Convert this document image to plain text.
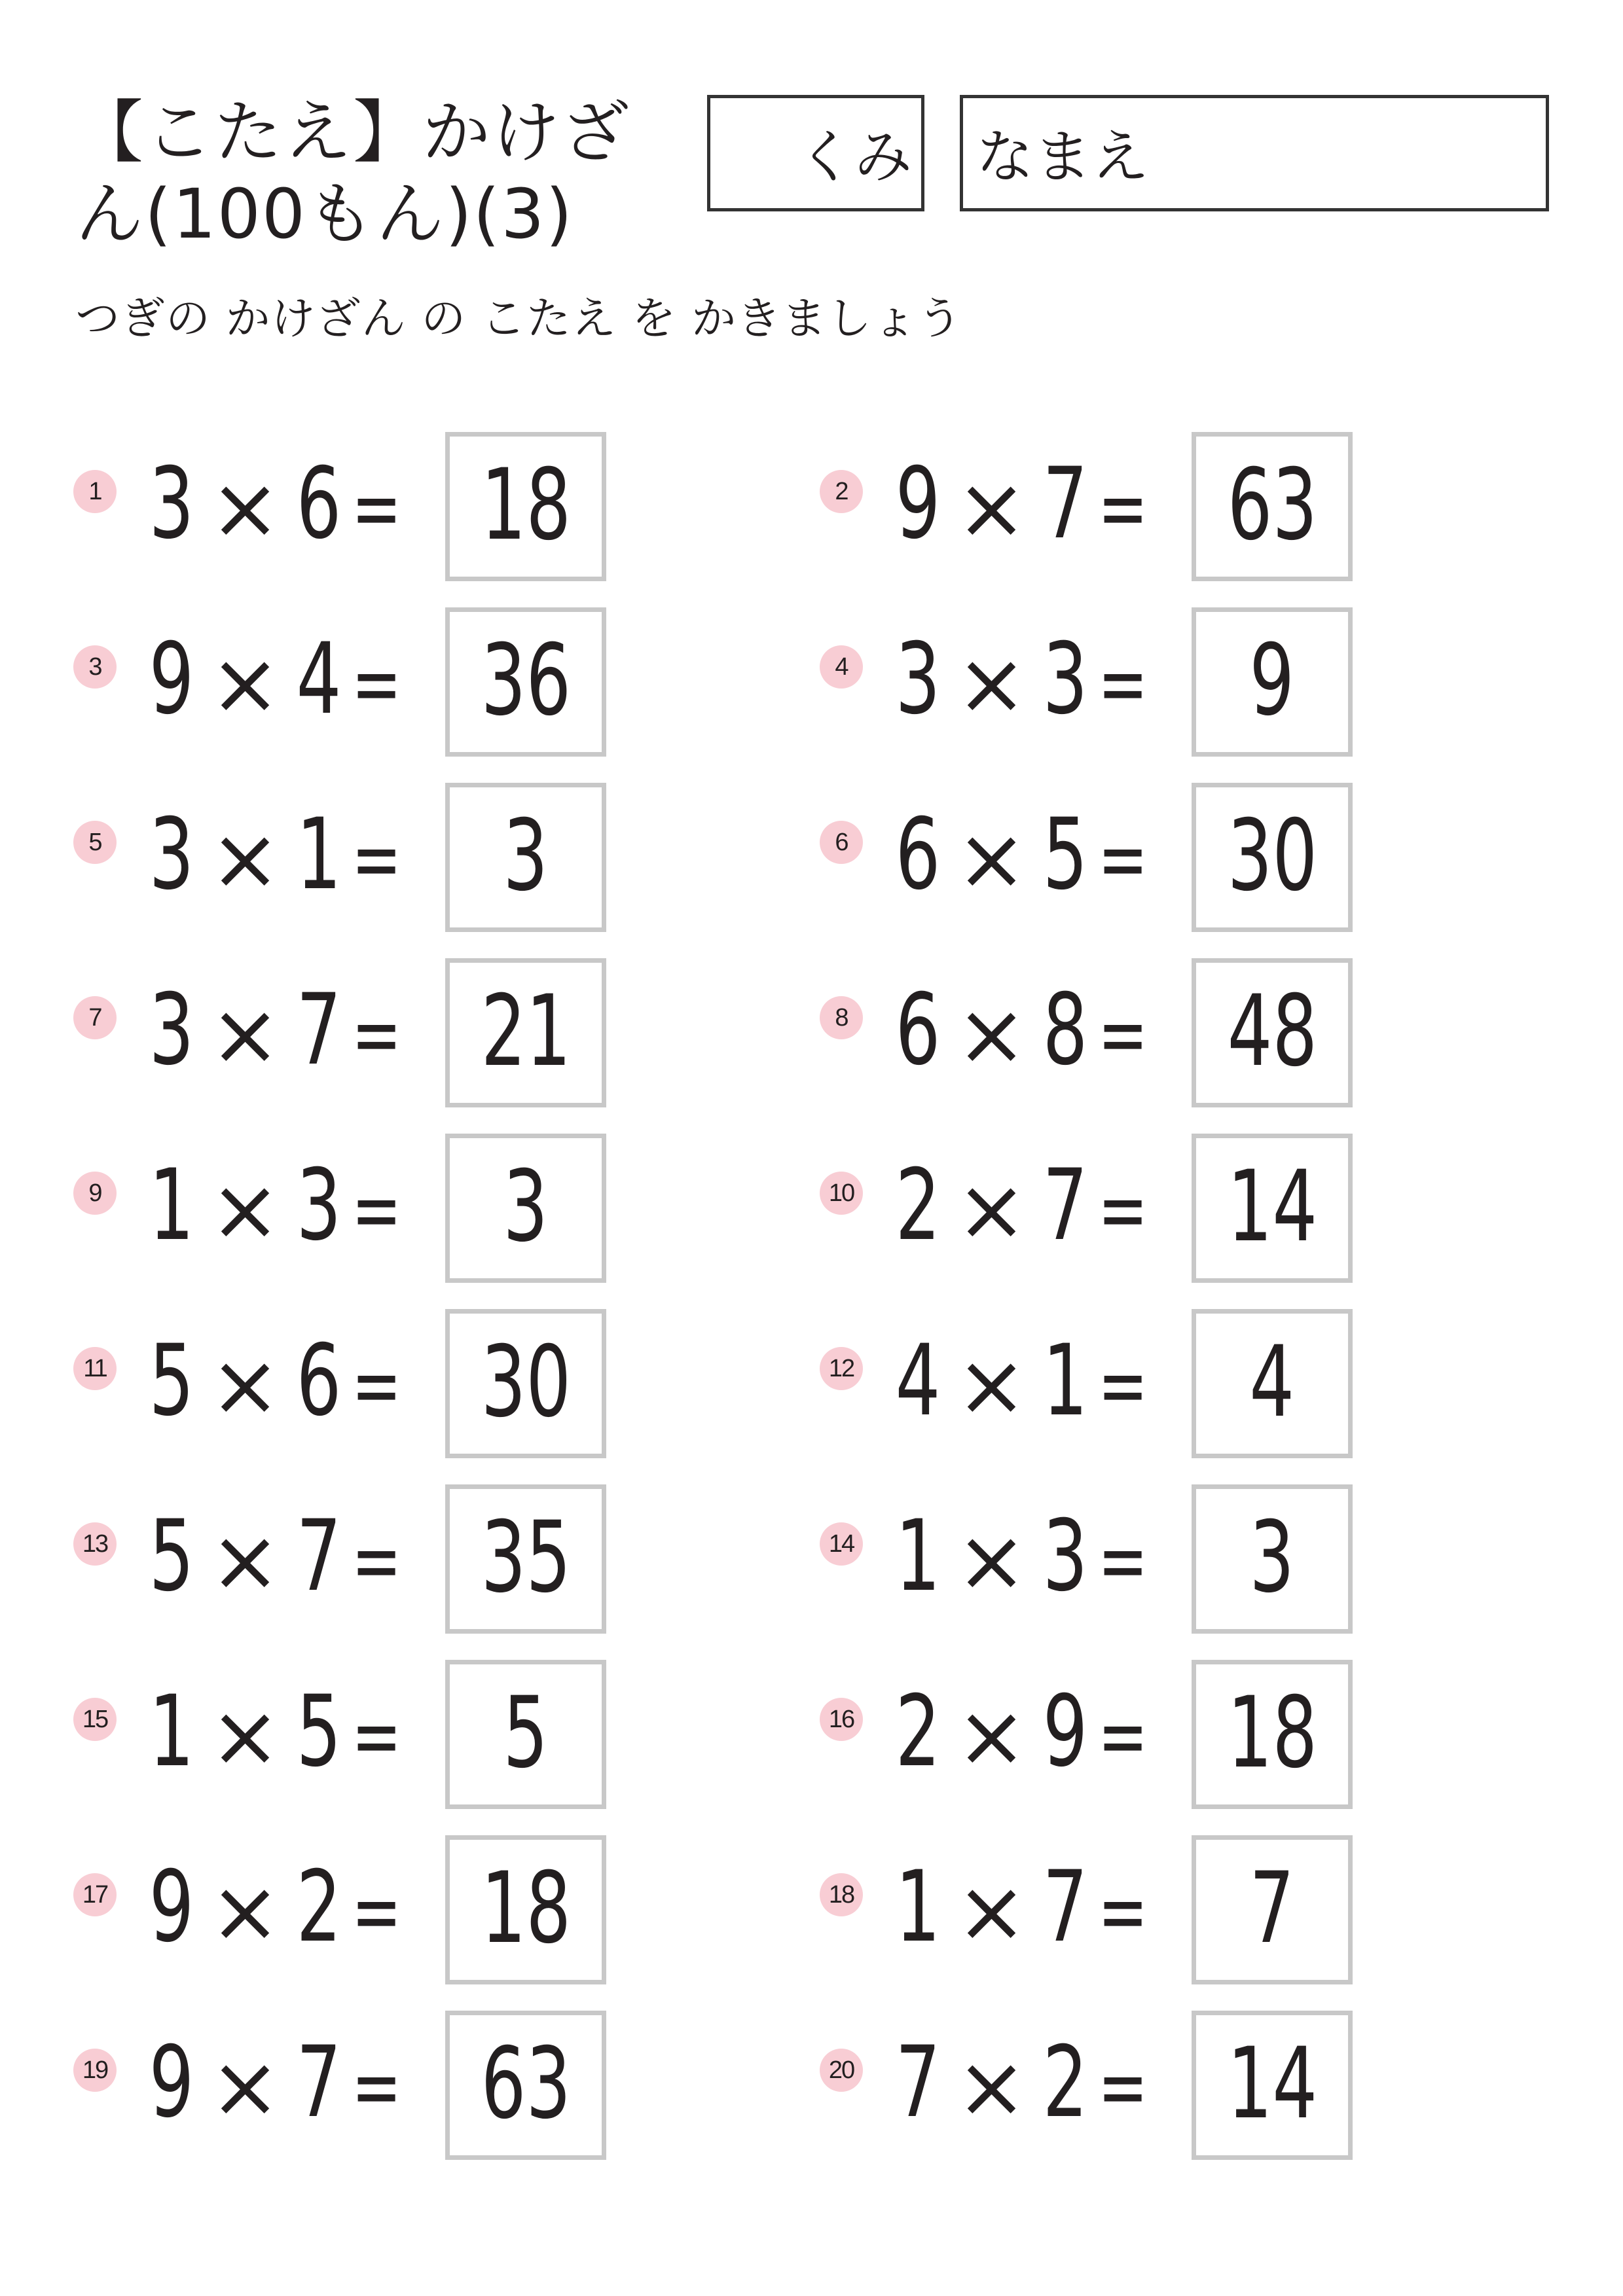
【こたえ】かけざ
ん(100もん)(3)
くみ なまえ
つぎの かけざん の こたえ を かきましょう
1 3 × 6 = 18	2 9 × 7 = 63
3 9 × 4 = 36	4 3 × 3 =	9
5 3 × 1 =	3	6 6 × 5 = 30
7 3 × 7 = 21	8 6 × 8 = 48
9 1 × 3 =	3	10 2 × 7 = 14
11 5 × 6 = 30	12 4 × 1 =	4
13 5 × 7 = 35	14 1 × 3 =	3
15 1 × 5 =	5	16 2 × 9 = 18
17 9 × 2 = 18	18 1 × 7 =	7
19 9 × 7 = 63	20 7 × 2 = 14
